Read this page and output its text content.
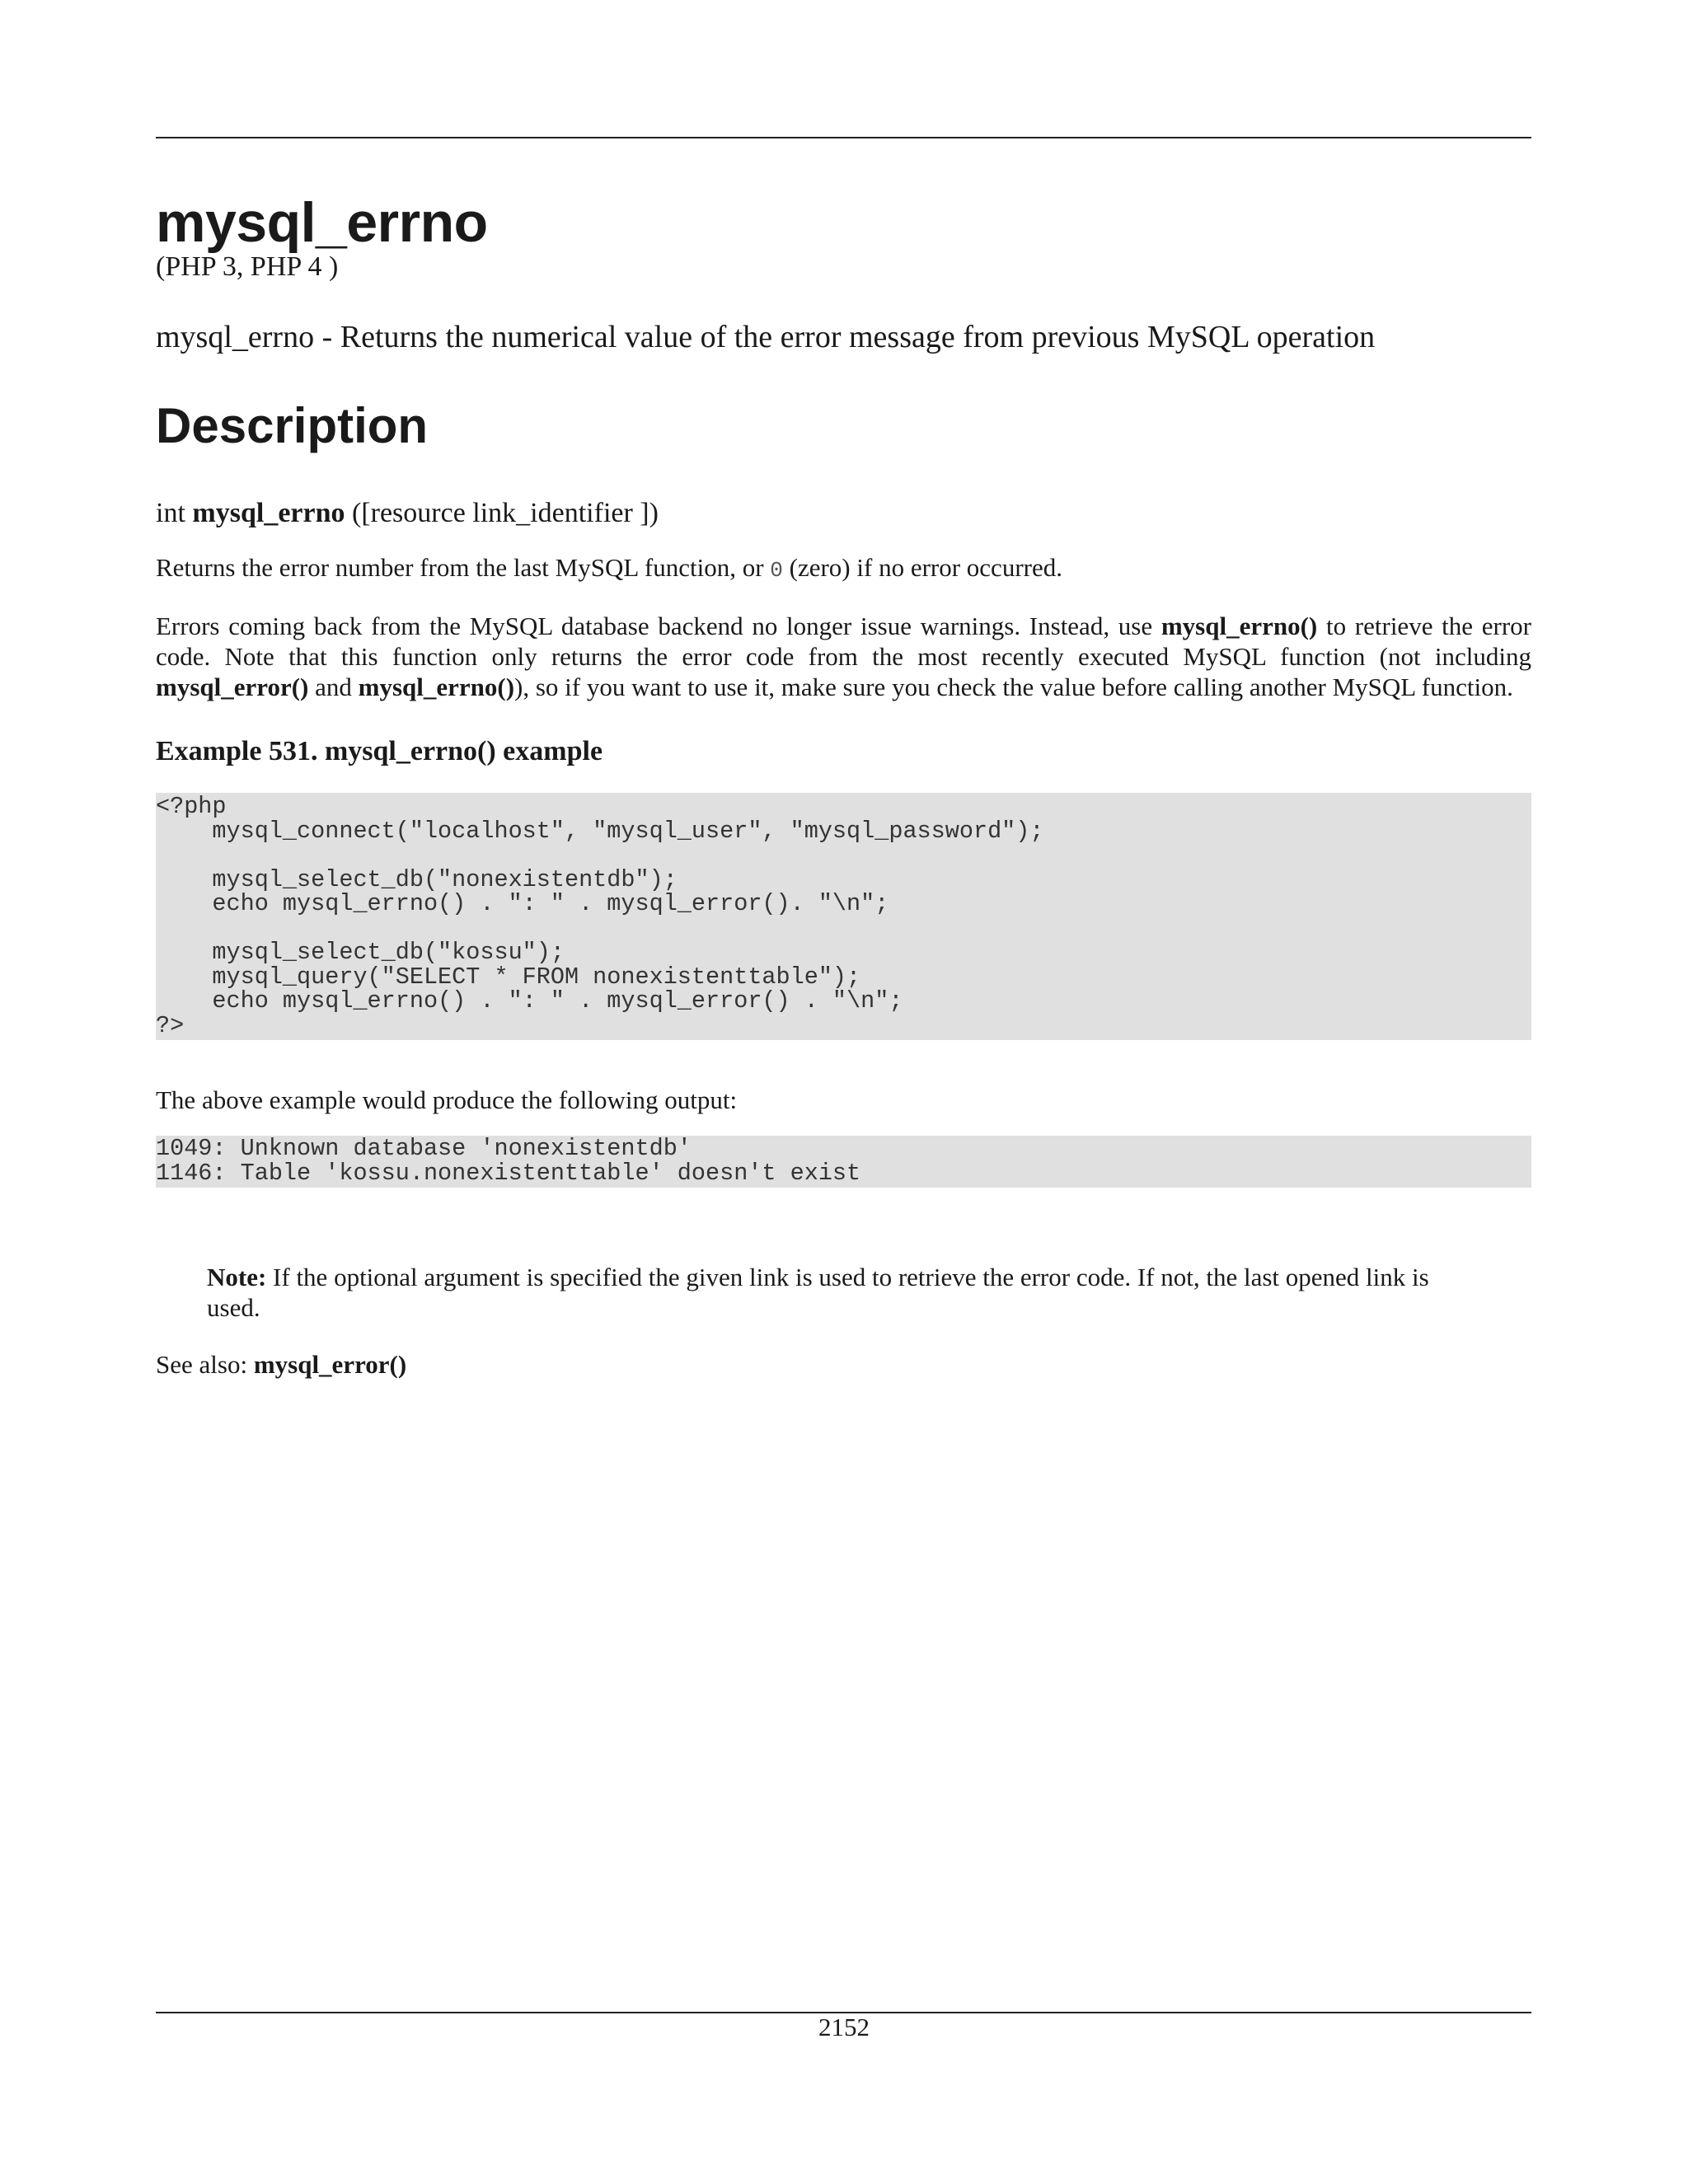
mysql_errno
(PHP 3, PHP 4 )
mysql_errno - Returns the numerical value of the error message from previous MySQL operation
Description
int mysql_errno ([resource link_identifier ])
Returns the error number from the last MySQL function, or 0 (zero) if no error occurred.
Errors coming back from the MySQL database backend no longer issue warnings. Instead, use mysql_errno() to retrieve the error code. Note that this function only returns the error code from the most recently executed MySQL function (not including mysql_error() and mysql_errno()), so if you want to use it, make sure you check the value before calling another MySQL function.
Example 531. mysql_errno() example
<?php
mysql_connect("localhost", "mysql_user", "mysql_password");

mysql_select_db("nonexistentdb");
echo mysql_errno() . ": " . mysql_error(). "\n";

mysql_select_db("kossu");
mysql_query("SELECT * FROM nonexistenttable");
echo mysql_errno() . ": " . mysql_error() . "\n";
?>
The above example would produce the following output:
1049: Unknown database 'nonexistentdb'
1146: Table 'kossu.nonexistenttable' doesn't exist
Note: If the optional argument is specified the given link is used to retrieve the error code. If not, the last opened link is used.
See also: mysql_error()
2152
